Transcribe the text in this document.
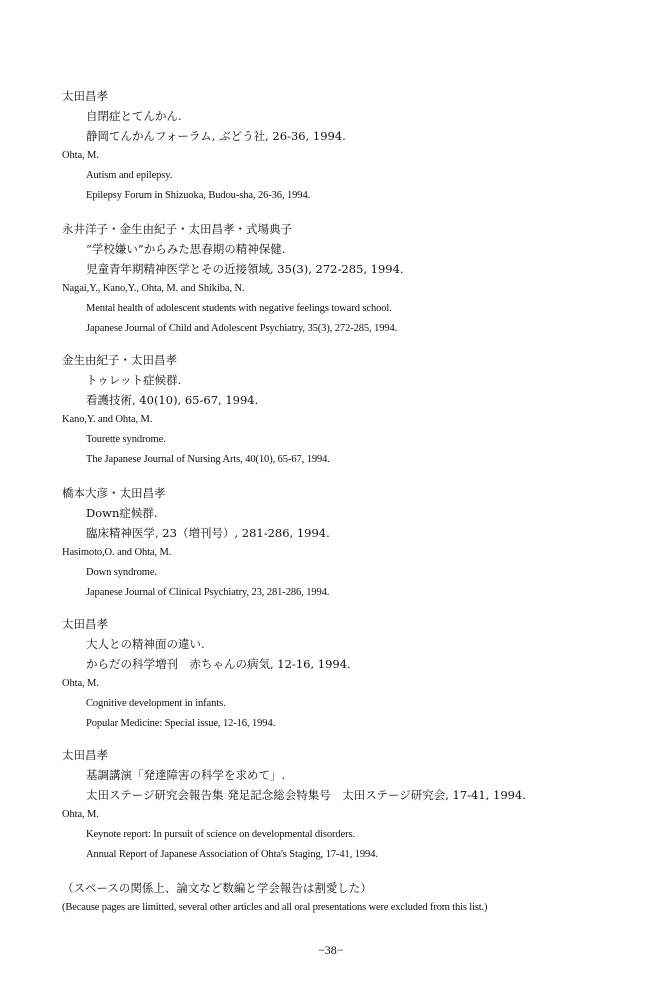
太田昌孝
自閉症とてんかん.
静岡てんかんフォーラム, ぶどう社, 26-36, 1994.
Ohta, M.
Autism and epilepsy.
Epilepsy Forum in Shizuoka, Budou-sha, 26-36, 1994.
永井洋子・金生由紀子・太田昌孝・式場典子
“学校嫌い”からみた思春期の精神保健.
児童青年期精神医学とその近接領域, 35(3), 272-285, 1994.
Nagai,Y., Kano,Y., Ohta, M. and Shikiba, N.
Mental health of adolescent students with negative feelings toward school.
Japanese Journal of Child and Adolescent Psychiatry, 35(3), 272-285, 1994.
金生由紀子・太田昌孝
トゥレット症候群.
看護技術, 40(10), 65-67, 1994.
Kano,Y. and Ohta, M.
Tourette syndrome.
The Japanese Journal of Nursing Arts, 40(10), 65-67, 1994.
橋本大彦・太田昌孝
Down症候群.
臨床精神医学, 23（増刊号）, 281-286, 1994.
Hasimoto,O. and Ohta, M.
Down syndrome.
Japanese Journal of Clinical Psychiatry, 23, 281-286, 1994.
太田昌孝
大人との精神面の違い.
からだの科学増刊　赤ちゃんの病気, 12-16, 1994.
Ohta, M.
Cognitive development in infants.
Popular Medicine: Special issue, 12-16, 1994.
太田昌孝
基調講演「発達障害の科学を求めて」.
太田ステージ研究会報告集 発足記念総会特集号　太田ステージ研究会, 17-41, 1994.
Ohta, M.
Keynote report: In pursuit of science on developmental disorders.
Annual Report of Japanese Association of Ohta's Staging, 17-41, 1994.
（スペースの関係上、論文など数編と学会報告は割愛した）
(Because pages are limitted, several other articles and all oral presentations were excluded from this list.)
−38−
